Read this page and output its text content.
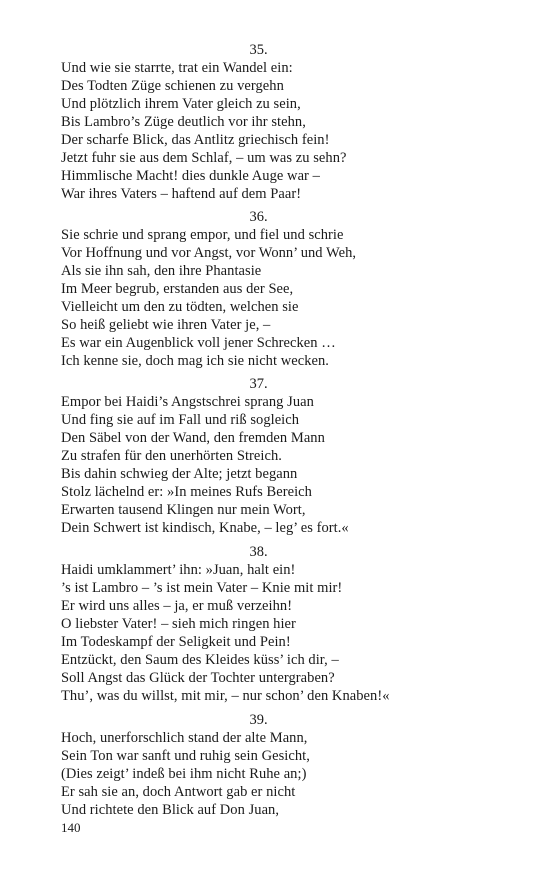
35.
Und wie sie starrte, trat ein Wandel ein:
Des Todten Züge schienen zu vergehn
Und plötzlich ihrem Vater gleich zu sein,
Bis Lambro’s Züge deutlich vor ihr stehn,
Der scharfe Blick, das Antlitz griechisch fein!
Jetzt fuhr sie aus dem Schlaf, – um was zu sehn?
Himmlische Macht! dies dunkle Auge war –
War ihres Vaters – haftend auf dem Paar!
36.
Sie schrie und sprang empor, und fiel und schrie
Vor Hoffnung und vor Angst, vor Wonn’ und Weh,
Als sie ihn sah, den ihre Phantasie
Im Meer begrub, erstanden aus der See,
Vielleicht um den zu tödten, welchen sie
So heiß geliebt wie ihren Vater je, –
Es war ein Augenblick voll jener Schrecken …
Ich kenne sie, doch mag ich sie nicht wecken.
37.
Empor bei Haidi’s Angstschrei sprang Juan
Und fing sie auf im Fall und riß sogleich
Den Säbel von der Wand, den fremden Mann
Zu strafen für den unerhörten Streich.
Bis dahin schwieg der Alte; jetzt begann
Stolz lächelnd er: »In meines Rufs Bereich
Erwarten tausend Klingen nur mein Wort,
Dein Schwert ist kindisch, Knabe, – leg’ es fort.«
38.
Haidi umklammert’ ihn: »Juan, halt ein!
’s ist Lambro – ’s ist mein Vater – Knie mit mir!
Er wird uns alles – ja, er muß verzeihn!
O liebster Vater! – sieh mich ringen hier
Im Todeskampf der Seligkeit und Pein!
Entzückt, den Saum des Kleides küss’ ich dir, –
Soll Angst das Glück der Tochter untergraben?
Thu’, was du willst, mit mir, – nur schon’ den Knaben!«
39.
Hoch, unerforschlich stand der alte Mann,
Sein Ton war sanft und ruhig sein Gesicht,
(Dies zeigt’ indeß bei ihm nicht Ruhe an;)
Er sah sie an, doch Antwort gab er nicht
Und richtete den Blick auf Don Juan,
140
